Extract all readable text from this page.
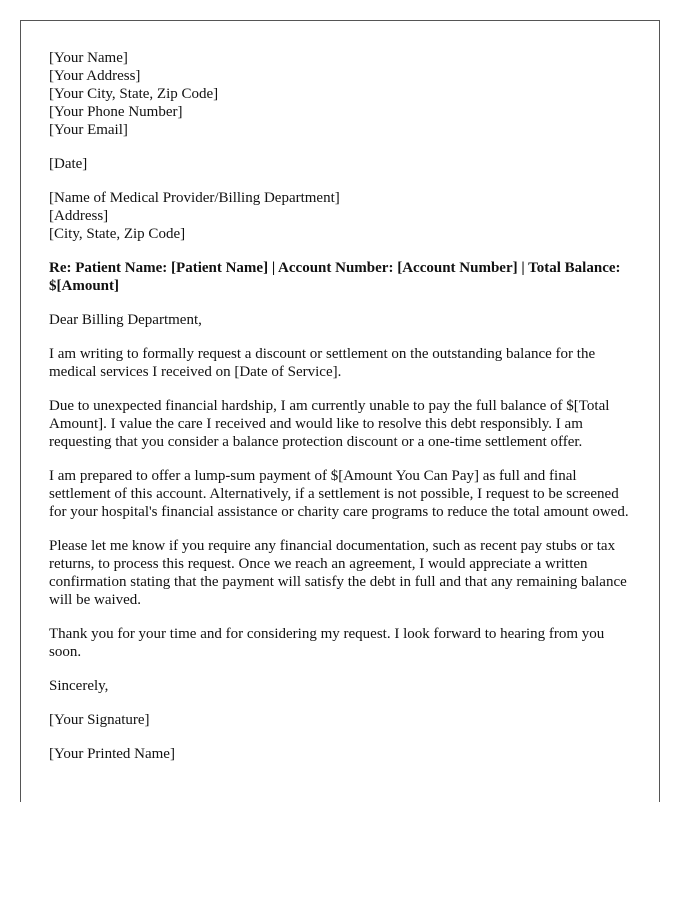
[Your Name]
[Your Address]
[Your City, State, Zip Code]
[Your Phone Number]
[Your Email]
[Date]
[Name of Medical Provider/Billing Department]
[Address]
[City, State, Zip Code]

Re: Patient Name: [Patient Name] | Account Number: [Account Number] | Total Balance: $[Amount]

Dear Billing Department,

I am writing to formally request a discount or settlement on the outstanding balance for the medical services I received on [Date of Service].

Due to unexpected financial hardship, I am currently unable to pay the full balance of $[Total Amount]. I value the care I received and would like to resolve this debt responsibly. I am requesting that you consider a balance protection discount or a one-time settlement offer.

I am prepared to offer a lump-sum payment of $[Amount You Can Pay] as full and final settlement of this account. Alternatively, if a settlement is not possible, I request to be screened for your hospital's financial assistance or charity care programs to reduce the total amount owed.

Please let me know if you require any financial documentation, such as recent pay stubs or tax returns, to process this request. Once we reach an agreement, I would appreciate a written confirmation stating that the payment will satisfy the debt in full and that any remaining balance will be waived.

Thank you for your time and for considering my request. I look forward to hearing from you soon.

Sincerely,

[Your Signature]

[Your Printed Name]
